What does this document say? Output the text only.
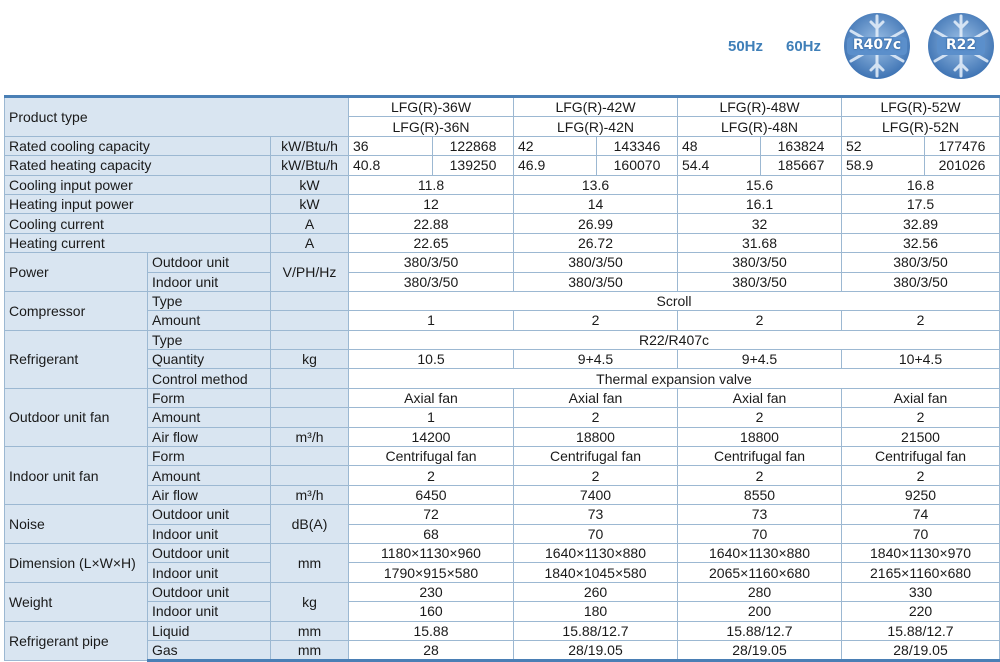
50Hz 60Hz	R407c	R22
Product type			LFG(R)-36W		LFG(R)-42W		LFG(R)-48W		LFG(R)-52W	
			LFG(R)-36N		LFG(R)-42N		LFG(R)-48N		LFG(R)-52N	
Rated cooling capacity		kW/Btu/h	36	122868	42	143346	48	163824	52	177476
Rated heating capacity		kW/Btu/h	40.8	139250	46.9	160070	54.4	185667	58.9	201026
Cooling input power		kW	11.8		13.6		15.6		16.8	
Heating input power		kW	12		14		16.1		17.5	
Cooling current		A	22.88		26.99		32		32.89	
Heating current		A	22.65		26.72		31.68		32.56	
Power	Outdoor unit	V/PH/Hz	380/3/50		380/3/50		380/3/50		380/3/50	
	Indoor unit		380/3/50		380/3/50		380/3/50		380/3/50	
Compressor	Type		Scroll							
	Amount		1		2		2		2	
Refrigerant	Type		R22/R407c							
	Quantity	kg	10.5		9+4.5		9+4.5		10+4.5	
	Control method		Thermal expansion valve							
Outdoor unit fan	Form		Axial fan		Axial fan		Axial fan		Axial fan	
	Amount		1		2		2		2	
	Air flow	m³/h	14200		18800		18800		21500	
Indoor unit fan	Form		Centrifugal fan		Centrifugal fan		Centrifugal fan		Centrifugal fan	
	Amount		2		2		2		2	
	Air flow	m³/h	6450		7400		8550		9250	
Noise	Outdoor unit	dB(A)	72		73		73		74	
	Indoor unit		68		70		70		70	
Dimension (L×W×H)	Outdoor unit	mm	1180×1130×960		1640×1130×880		1640×1130×880		1840×1130×970	
	Indoor unit		1790×915×580		1840×1045×580		2065×1160×680		2165×1160×680	
Weight	Outdoor unit	kg	230		260		280		330	
	Indoor unit		160		180		200		220	
Refrigerant pipe	Liquid	mm	15.88		15.88/12.7		15.88/12.7		15.88/12.7	
	Gas	mm	28		28/19.05		28/19.05		28/19.05	
